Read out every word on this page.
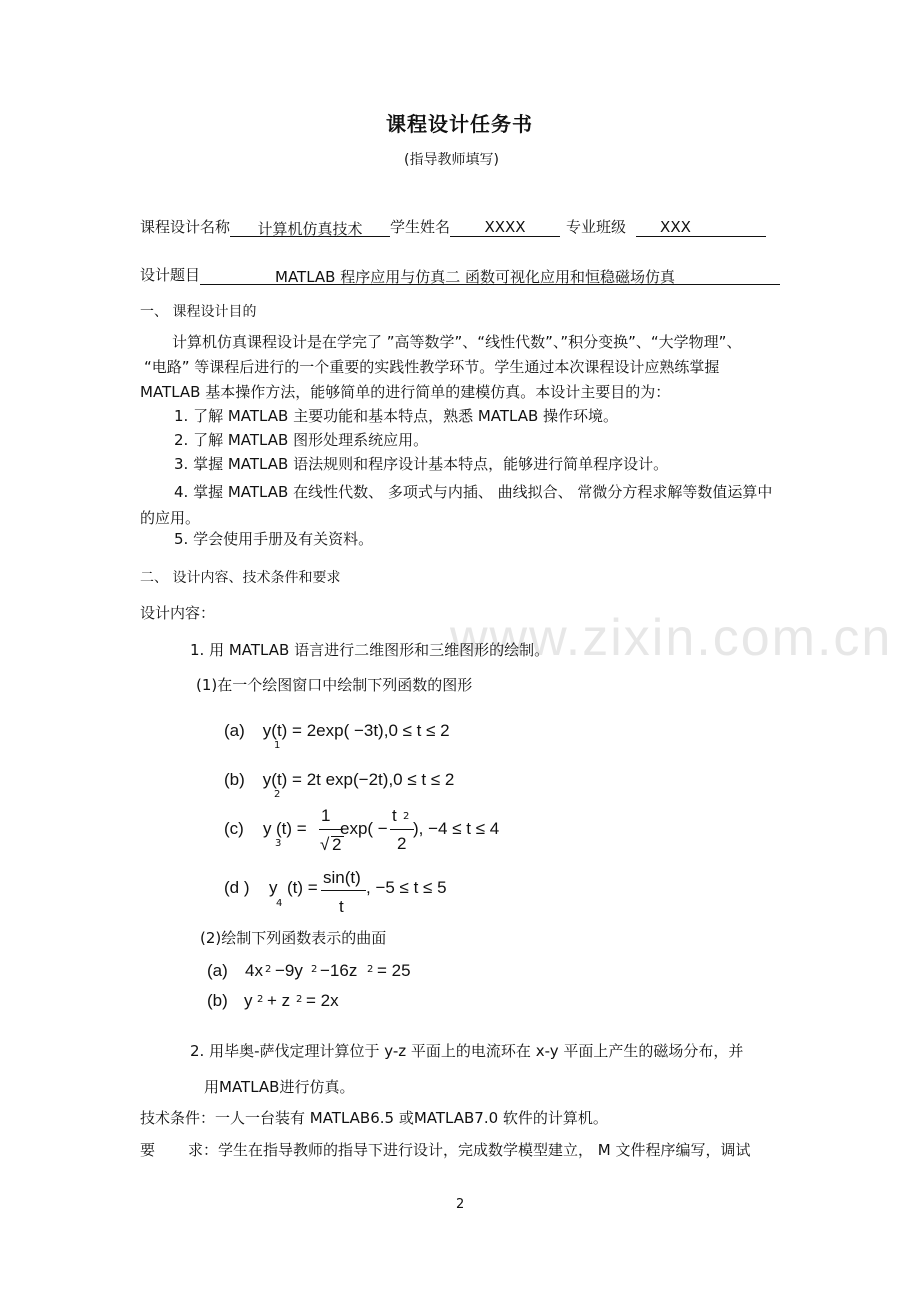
www.zixin.com.cn
课程设计任务书
(指导教师填写)
课程设计名称 计算机仿真技术 学生姓名 XXXX	专业班级 XXX
设计题目	MATLAB 程序应用与仿真二 函数可视化应用和恒稳磁场仿真
一、 课程设计目的
计算机仿真课程设计是在学完了 ”高等数学”、“线性代数”、”积分变换”、“大学物理”、
“电路” 等课程后进行的一个重要的实践性教学环节。学生通过本次课程设计应熟练掌握
MATLAB 基本操作方法，能够简单的进行简单的建模仿真。本设计主要目的为：
1. 了解 MATLAB 主要功能和基本特点，熟悉 MATLAB 操作环境。
2. 了解 MATLAB 图形处理系统应用。
3. 掌握 MATLAB 语法规则和程序设计基本特点，能够进行简单程序设计。
4. 掌握 MATLAB 在线性代数、 多项式与内插、 曲线拟合、 常微分方程求解等数值运算中
的应用。
5. 学会使用手册及有关资料。
二、 设计内容、技术条件和要求
设计内容：
1. 用 MATLAB 语言进行二维图形和三维图形的绘制。
(1)在一个绘图窗口中绘制下列函数的图形
(a) y(t) = 2exp( −3t),0 ≤ t ≤ 2
1
(b) y(t) = 2t exp(−2t),0 ≤ t ≤ 2
2
(c) y
3
(t) =
1
√ 2
exp( −
t 2
2
), −4 ≤ t ≤ 4
(d ) y
4
(t) =
sin(t)
t
, −5 ≤ t ≤ 5
(2)绘制下列函数表示的曲面
(a) 4x 2 −9y 2 −16z 2 = 25
(b) y 2 + z 2 = 2x
2. 用毕奥-萨伐定理计算位于 y-z 平面上的电流环在 x-y 平面上产生的磁场分布，并
用MATLAB进行仿真。
技术条件：一人一台装有 MATLAB6.5 或MATLAB7.0 软件的计算机。
要 求：学生在指导教师的指导下进行设计，完成数学模型建立， M 文件程序编写，调试
2
